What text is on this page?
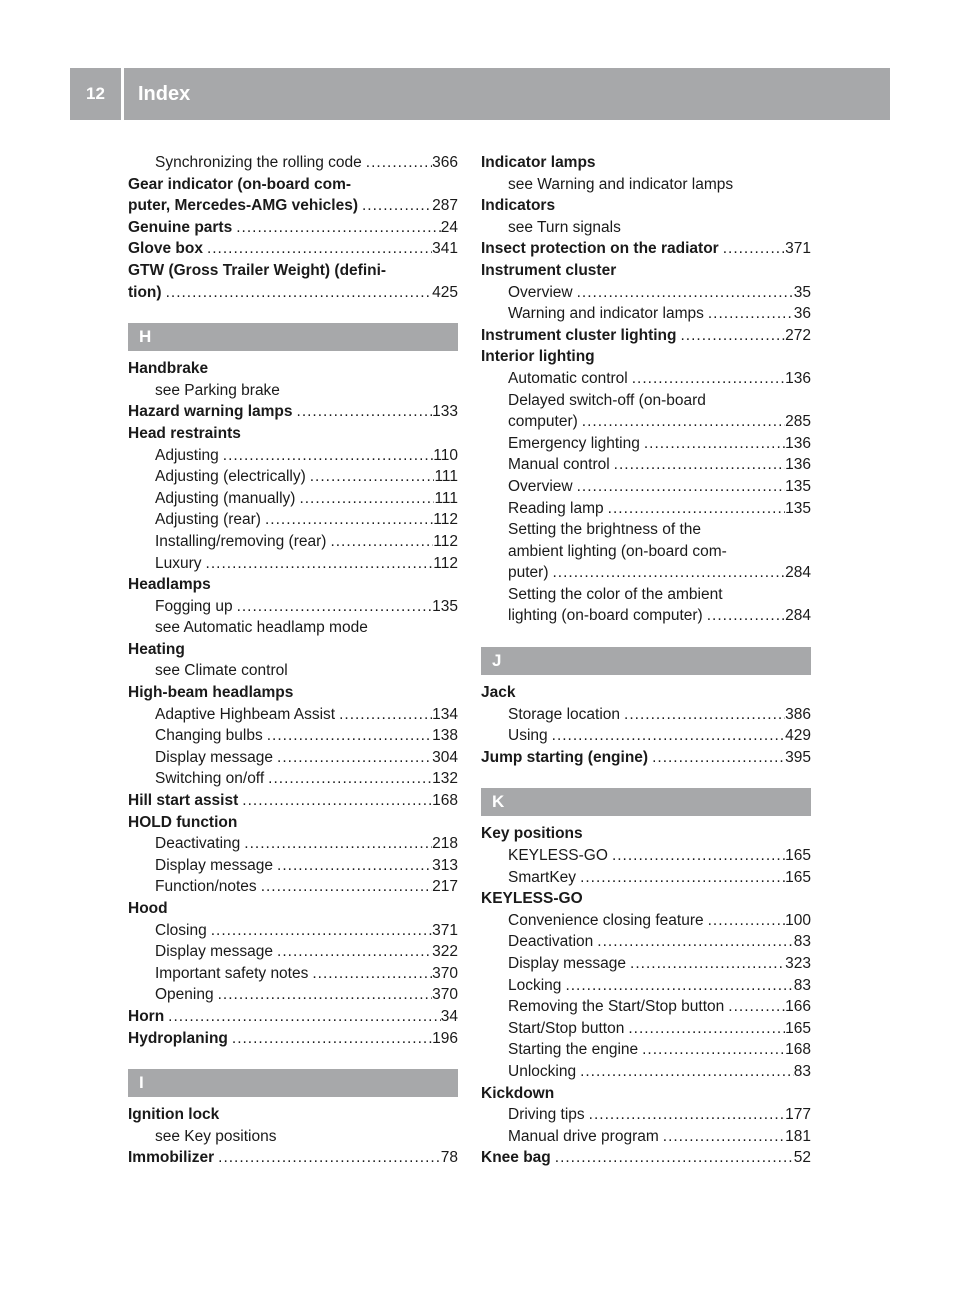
12	Index
Synchronizing the rolling code .....	366
Gear indicator (on-board com-
puter, Mercedes-AMG vehicles) .....	287
Genuine parts .....	24
Glove box .....	341
GTW (Gross Trailer Weight) (defini-
tion) .....	425
H
Handbrake
see Parking brake
Hazard warning lamps .....	133
Head restraints
Adjusting .....	110
Adjusting (electrically) .....	111
Adjusting (manually) .....	111
Adjusting (rear) .....	112
Installing/removing (rear) .....	112
Luxury .....	112
Headlamps
Fogging up .....	135
see Automatic headlamp mode
Heating
see Climate control
High-beam headlamps
Adaptive Highbeam Assist .....	134
Changing bulbs .....	138
Display message .....	304
Switching on/off .....	132
Hill start assist .....	168
HOLD function
Deactivating .....	218
Display message .....	313
Function/notes .....	217
Hood
Closing .....	371
Display message .....	322
Important safety notes .....	370
Opening .....	370
Horn .....	34
Hydroplaning .....	196
I
Ignition lock
see Key positions
Immobilizer .....	78
Indicator lamps
see Warning and indicator lamps
Indicators
see Turn signals
Insect protection on the radiator .....	371
Instrument cluster
Overview .....	35
Warning and indicator lamps .....	36
Instrument cluster lighting .....	272
Interior lighting
Automatic control .....	136
Delayed switch-off (on-board
computer) .....	285
Emergency lighting .....	136
Manual control .....	136
Overview .....	135
Reading lamp .....	135
Setting the brightness of the
ambient lighting (on-board com-
puter) .....	284
Setting the color of the ambient
lighting (on-board computer) .....	284
J
Jack
Storage location .....	386
Using .....	429
Jump starting (engine) .....	395
K
Key positions
KEYLESS-GO .....	165
SmartKey .....	165
KEYLESS-GO
Convenience closing feature .....	100
Deactivation .....	83
Display message .....	323
Locking .....	83
Removing the Start/Stop button .....	166
Start/Stop button .....	165
Starting the engine .....	168
Unlocking .....	83
Kickdown
Driving tips .....	177
Manual drive program .....	181
Knee bag .....	52
